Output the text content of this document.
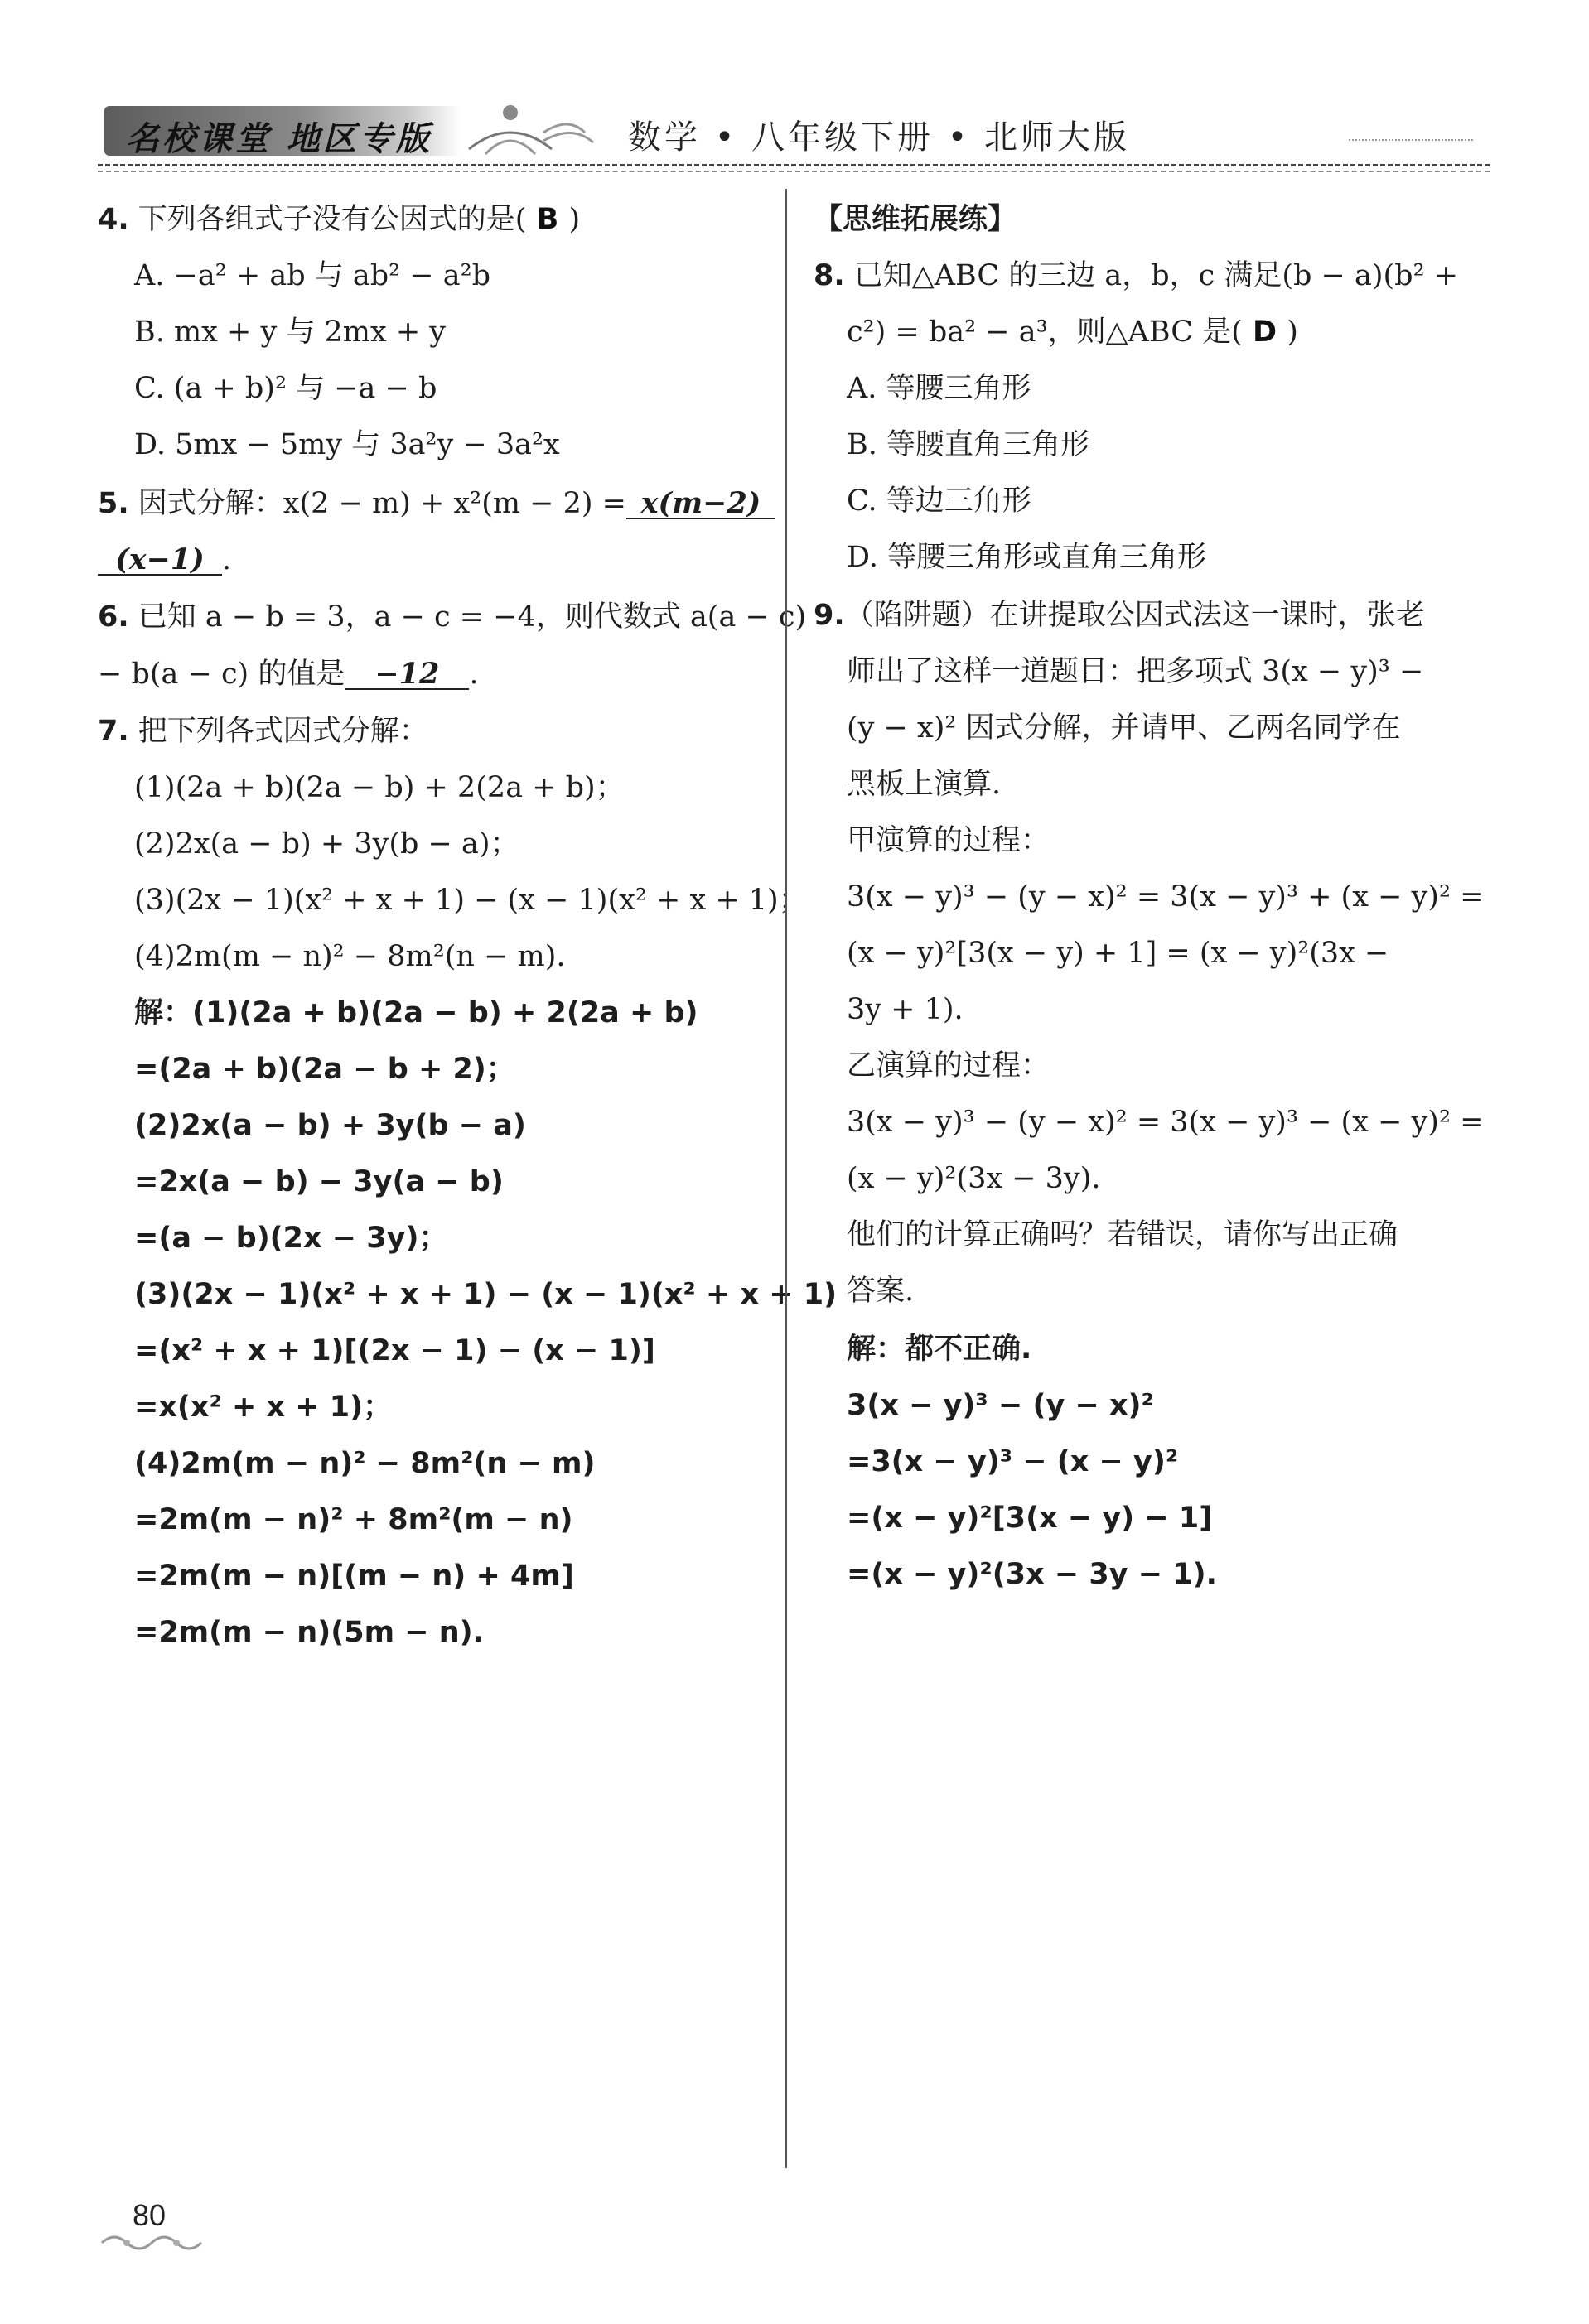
名校课堂 地区专版	数学 • 八年级下册 • 北师大版
4. 下列各组式子没有公因式的是( B )
A. −a² + ab 与 ab² − a²b
B. mx + y 与 2mx + y
C. (a + b)² 与 −a − b
D. 5mx − 5my 与 3a²y − 3a²x
5. 因式分解：x(2 − m) + x²(m − 2) = x(m−2)
(x−1) .
6. 已知 a − b = 3，a − c = −4，则代数式 a(a − c)
− b(a − c) 的值是 −12 .
7. 把下列各式因式分解：
(1)(2a + b)(2a − b) + 2(2a + b)；
(2)2x(a − b) + 3y(b − a)；
(3)(2x − 1)(x² + x + 1) − (x − 1)(x² + x + 1)；
(4)2m(m − n)² − 8m²(n − m).
解：(1)(2a + b)(2a − b) + 2(2a + b)
=(2a + b)(2a − b + 2)；
(2)2x(a − b) + 3y(b − a)
=2x(a − b) − 3y(a − b)
=(a − b)(2x − 3y)；
(3)(2x − 1)(x² + x + 1) − (x − 1)(x² + x + 1)
=(x² + x + 1)[(2x − 1) − (x − 1)]
=x(x² + x + 1)；
(4)2m(m − n)² − 8m²(n − m)
=2m(m − n)² + 8m²(m − n)
=2m(m − n)[(m − n) + 4m]
=2m(m − n)(5m − n).
【思维拓展练】
8. 已知△ABC 的三边 a，b，c 满足(b − a)(b² +
c²) = ba² − a³，则△ABC 是( D )
A. 等腰三角形
B. 等腰直角三角形
C. 等边三角形
D. 等腰三角形或直角三角形
9.（陷阱题）在讲提取公因式法这一课时，张老
师出了这样一道题目：把多项式 3(x − y)³ −
(y − x)² 因式分解，并请甲、乙两名同学在
黑板上演算.
甲演算的过程：
3(x − y)³ − (y − x)² = 3(x − y)³ + (x − y)² =
(x − y)²[3(x − y) + 1] = (x − y)²(3x −
3y + 1).
乙演算的过程：
3(x − y)³ − (y − x)² = 3(x − y)³ − (x − y)² =
(x − y)²(3x − 3y).
他们的计算正确吗？若错误，请你写出正确
答案.
解：都不正确.
3(x − y)³ − (y − x)²
=3(x − y)³ − (x − y)²
=(x − y)²[3(x − y) − 1]
=(x − y)²(3x − 3y − 1).
80
